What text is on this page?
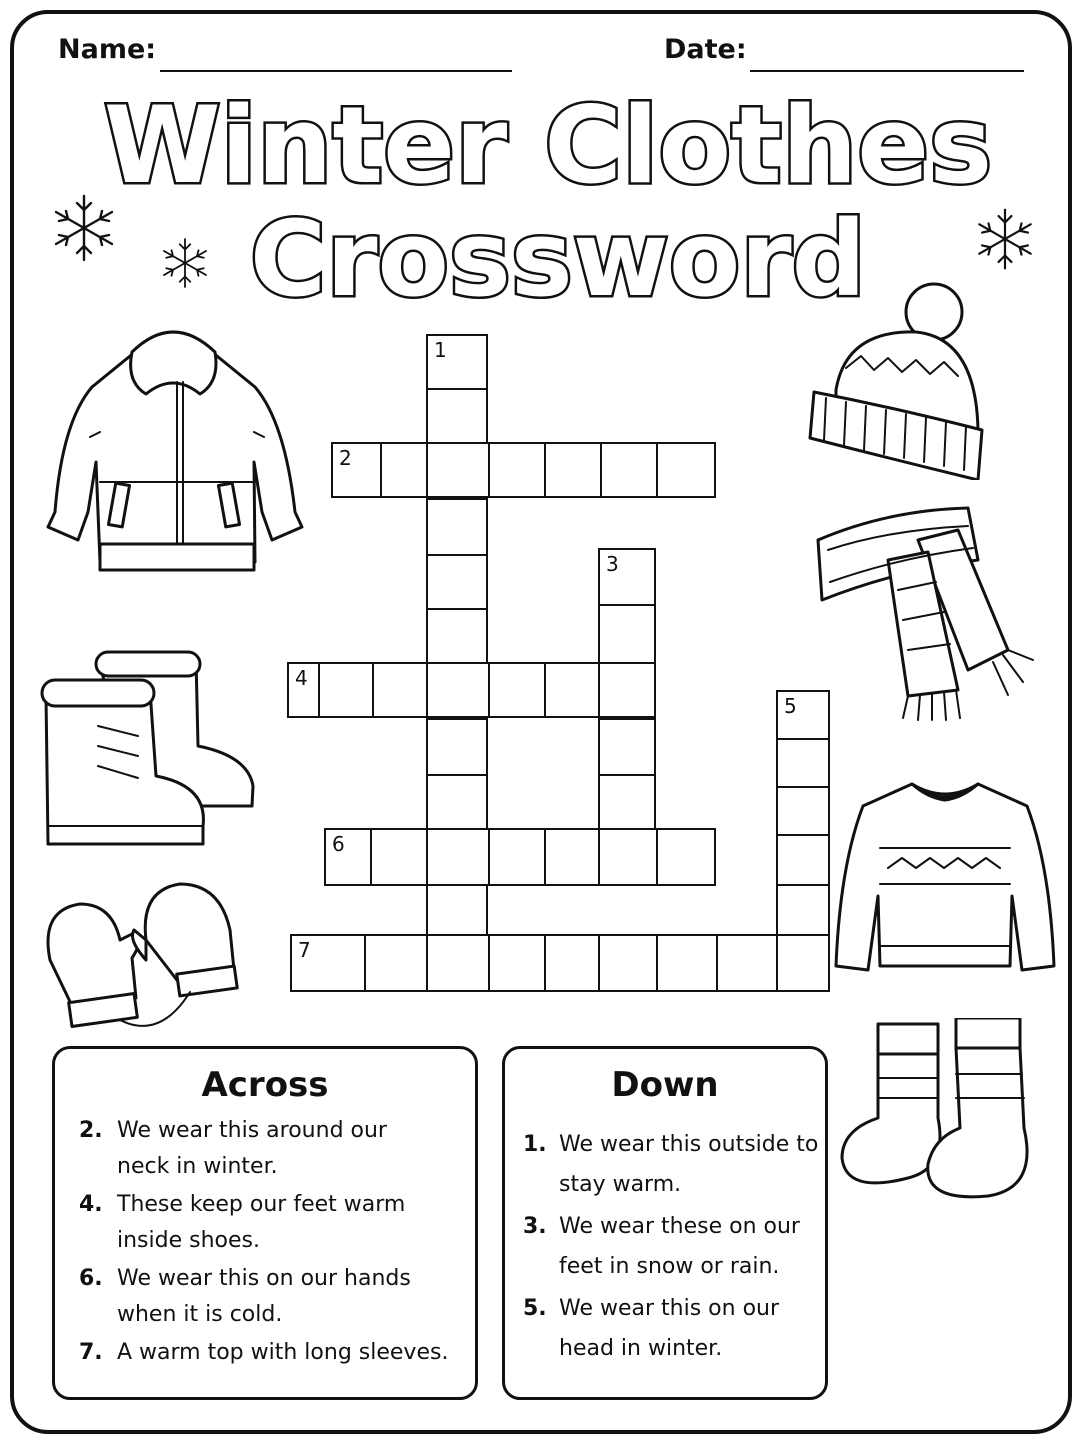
Name:	Date:
Winter Clothes
Crossword
7
2
4
6
1
3
5
Across
2. We wear this around our
neck in winter.
4. These keep our feet warm
inside shoes.
6. We wear this on our hands
when it is cold.
7. A warm top with long sleeves.
Down
1. We wear this outside to
stay warm.
3. We wear these on our
feet in snow or rain.
5. We wear this on our
head in winter.
